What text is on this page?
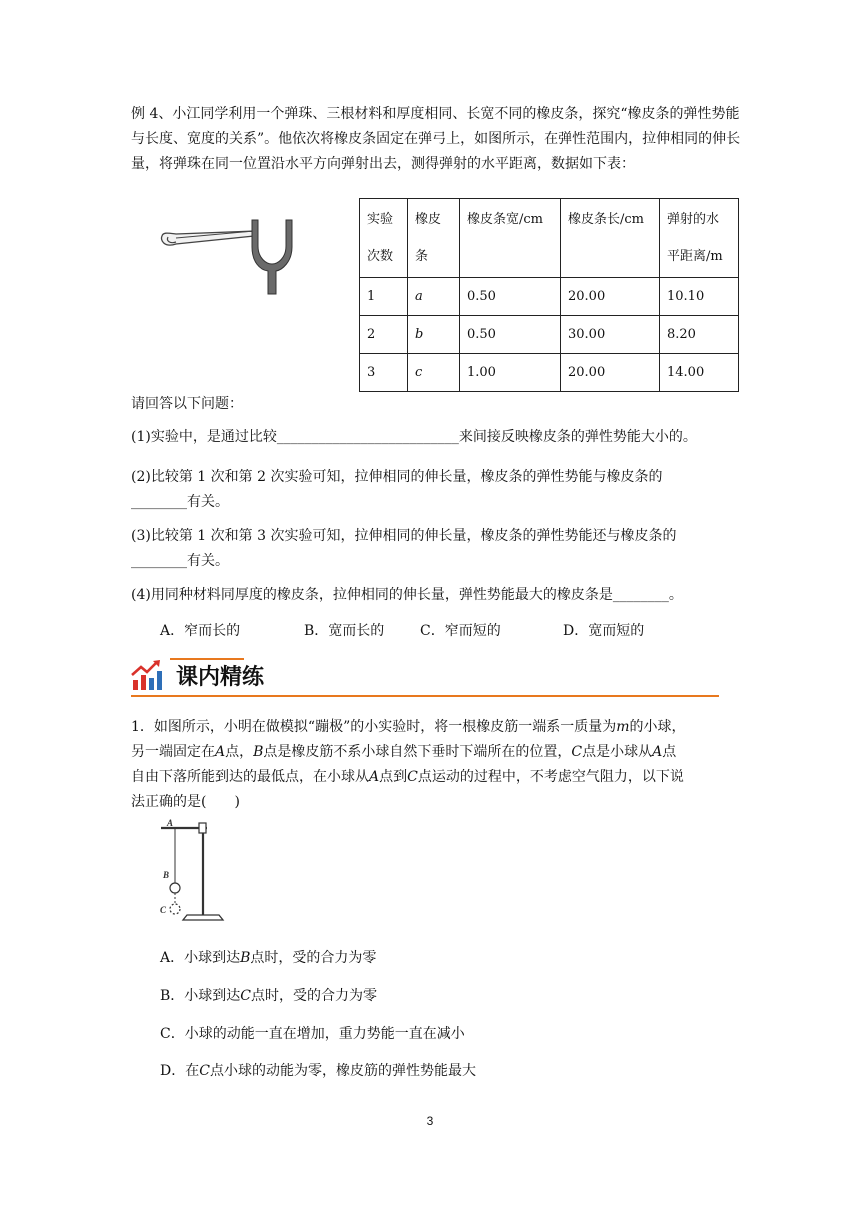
例 4、小江同学利用一个弹珠、三根材料和厚度相同、长宽不同的橡皮条，探究“橡皮条的弹性势能与长度、宽度的关系”。他依次将橡皮条固定在弹弓上，如图所示，在弹性范围内，拉伸相同的伸长量，将弹珠在同一位置沿水平方向弹射出去，测得弹射的水平距离，数据如下表：

实验次数	橡皮条	橡皮条宽/cm	橡皮条长/cm	弹射的水平距离/m
1	a	0.50	20.00	10.10
2	b	0.50	30.00	8.20
3	c	1.00	20.00	14.00

请回答以下问题：

(1)实验中，是通过比较__________________________来间接反映橡皮条的弹性势能大小的。

(2)比较第 1 次和第 2 次实验可知，拉伸相同的伸长量，橡皮条的弹性势能与橡皮条的

________有关。

(3)比较第 1 次和第 3 次实验可知，拉伸相同的伸长量，橡皮条的弹性势能还与橡皮条的

________有关。

(4)用同种材料同厚度的橡皮条，拉伸相同的伸长量，弹性势能最大的橡皮条是________。

A．窄而长的	B．宽而长的	C．窄而短的	D．宽而短的
课内精练

1．如图所示，小明在做模拟“蹦极”的小实验时，将一根橡皮筋一端系一质量为m的小球，

另一端固定在A点，B点是橡皮筋不系小球自然下垂时下端所在的位置，C点是小球从A点

自由下落所能到达的最低点，在小球从A点到C点运动的过程中，不考虑空气阻力，以下说

法正确的是(　　)

A
B
C

A．小球到达B点时，受的合力为零

B．小球到达C点时，受的合力为零

C．小球的动能一直在增加，重力势能一直在减小

D．在C点小球的动能为零，橡皮筋的弹性势能最大

3
